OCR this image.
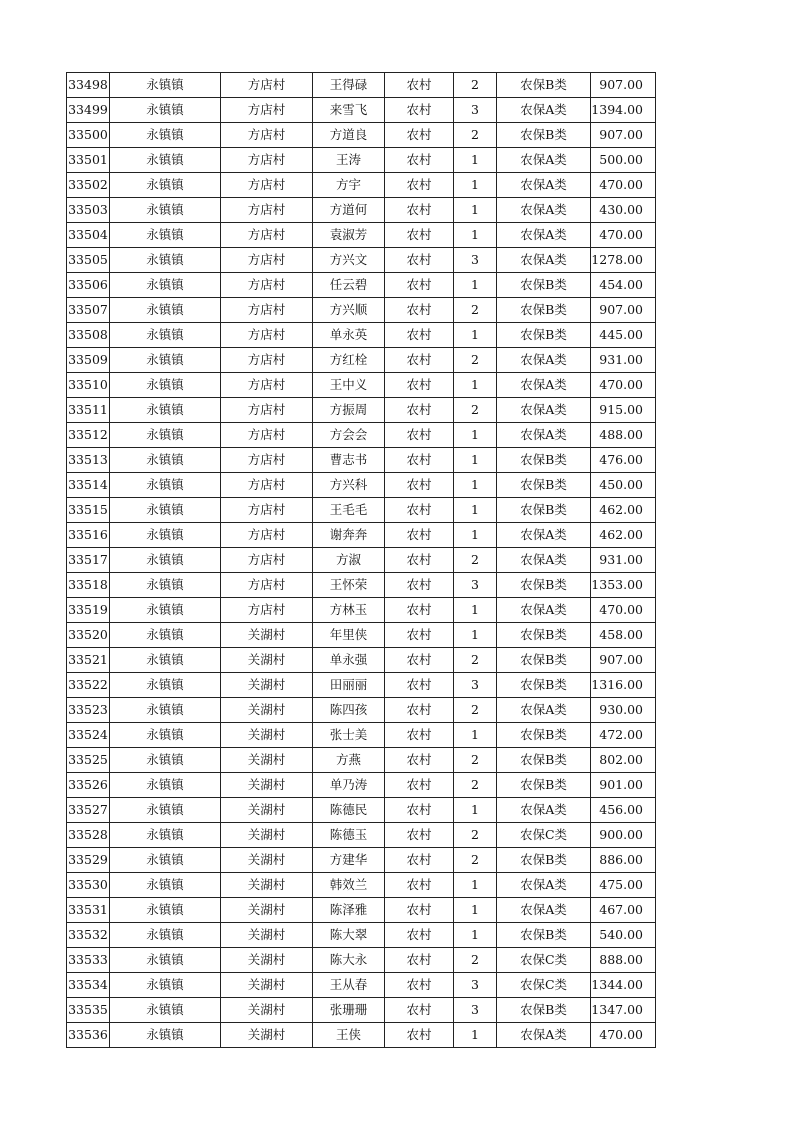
33498	永镇镇	方店村	王得碌	农村	2	农保B类	907.00
33499	永镇镇	方店村	来雪飞	农村	3	农保A类	1394.00
33500	永镇镇	方店村	方道良	农村	2	农保B类	907.00
33501	永镇镇	方店村	王涛	农村	1	农保A类	500.00
33502	永镇镇	方店村	方宇	农村	1	农保A类	470.00
33503	永镇镇	方店村	方道何	农村	1	农保A类	430.00
33504	永镇镇	方店村	袁淑芳	农村	1	农保A类	470.00
33505	永镇镇	方店村	方兴文	农村	3	农保A类	1278.00
33506	永镇镇	方店村	任云碧	农村	1	农保B类	454.00
33507	永镇镇	方店村	方兴顺	农村	2	农保B类	907.00
33508	永镇镇	方店村	单永英	农村	1	农保B类	445.00
33509	永镇镇	方店村	方红栓	农村	2	农保A类	931.00
33510	永镇镇	方店村	王中义	农村	1	农保A类	470.00
33511	永镇镇	方店村	方振周	农村	2	农保A类	915.00
33512	永镇镇	方店村	方会会	农村	1	农保A类	488.00
33513	永镇镇	方店村	曹志书	农村	1	农保B类	476.00
33514	永镇镇	方店村	方兴科	农村	1	农保B类	450.00
33515	永镇镇	方店村	王毛毛	农村	1	农保B类	462.00
33516	永镇镇	方店村	谢奔奔	农村	1	农保A类	462.00
33517	永镇镇	方店村	方淑	农村	2	农保A类	931.00
33518	永镇镇	方店村	王怀荣	农村	3	农保B类	1353.00
33519	永镇镇	方店村	方林玉	农村	1	农保A类	470.00
33520	永镇镇	关湖村	年里侠	农村	1	农保B类	458.00
33521	永镇镇	关湖村	单永强	农村	2	农保B类	907.00
33522	永镇镇	关湖村	田丽丽	农村	3	农保B类	1316.00
33523	永镇镇	关湖村	陈四孩	农村	2	农保A类	930.00
33524	永镇镇	关湖村	张士美	农村	1	农保B类	472.00
33525	永镇镇	关湖村	方燕	农村	2	农保B类	802.00
33526	永镇镇	关湖村	单乃涛	农村	2	农保B类	901.00
33527	永镇镇	关湖村	陈德民	农村	1	农保A类	456.00
33528	永镇镇	关湖村	陈德玉	农村	2	农保C类	900.00
33529	永镇镇	关湖村	方建华	农村	2	农保B类	886.00
33530	永镇镇	关湖村	韩效兰	农村	1	农保A类	475.00
33531	永镇镇	关湖村	陈泽雅	农村	1	农保A类	467.00
33532	永镇镇	关湖村	陈大翠	农村	1	农保B类	540.00
33533	永镇镇	关湖村	陈大永	农村	2	农保C类	888.00
33534	永镇镇	关湖村	王从春	农村	3	农保C类	1344.00
33535	永镇镇	关湖村	张珊珊	农村	3	农保B类	1347.00
33536	永镇镇	关湖村	王侠	农村	1	农保A类	470.00
